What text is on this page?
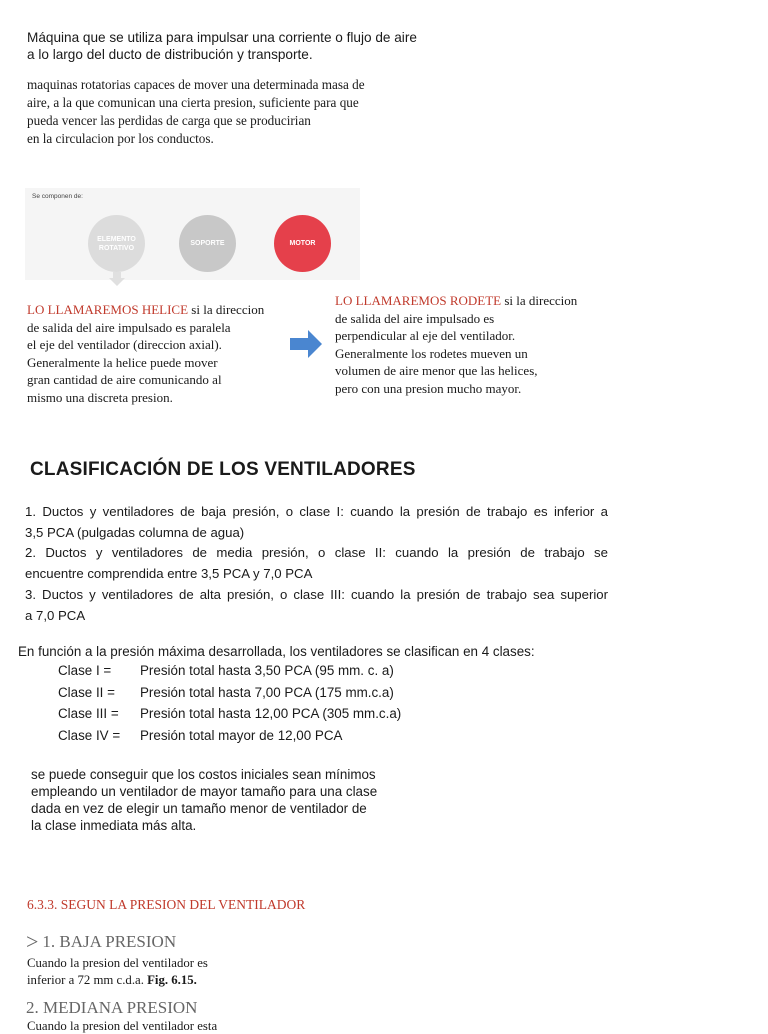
Máquina que se utiliza para impulsar una corriente o flujo de aire a lo largo del ducto de distribución y transporte.
maquinas rotatorias capaces de mover una determinada masa de
aire, a la que comunican una cierta presion, suficiente para que
pueda vencer las perdidas de carga que se producirian
en la circulacion por los conductos.
Se componen de:
ELEMENTO ROTATIVO
SOPORTE	MOTOR
LO LLAMAREMOS HELICE si la direccion
de salida del aire impulsado es paralela
el eje del ventilador (direccion axial).
Generalmente la helice puede mover
gran cantidad de aire comunicando al
mismo una discreta presion.
LO LLAMAREMOS RODETE si la direccion
de salida del aire impulsado es
perpendicular al eje del ventilador.
Generalmente los rodetes mueven un
volumen de aire menor que las helices,
pero con una presion mucho mayor.
CLASIFICACIÓN DE LOS VENTILADORES
1. Ductos y ventiladores de baja presión, o clase I: cuando la presión de trabajo es inferior a
3,5 PCA (pulgadas columna de agua)
2. Ductos y ventiladores de media presión, o clase II: cuando la presión de trabajo se
encuentre comprendida entre 3,5 PCA y 7,0 PCA
3. Ductos y ventiladores de alta presión, o clase III: cuando la presión de trabajo sea superior
a 7,0 PCA
En función a la presión máxima desarrollada, los ventiladores se clasifican en 4 clases:
Clase I =	Presión total hasta 3,50 PCA (95 mm. c. a)
Clase II =	Presión total hasta 7,00 PCA (175 mm.c.a)
Clase III =	Presión total hasta 12,00 PCA (305 mm.c.a)
Clase IV =	Presión total mayor de 12,00 PCA
se puede conseguir que los costos iniciales sean mínimos
empleando un ventilador de mayor tamaño para una clase
dada en vez de elegir un tamaño menor de ventilador de
la clase inmediata más alta.
6.3.3. SEGUN LA PRESION DEL VENTILADOR
> 1. BAJA PRESION
Cuando la presion del ventilador es
inferior a 72 mm c.d.a. Fig. 6.15.
2. MEDIANA PRESION
Cuando la presion del ventilador esta
